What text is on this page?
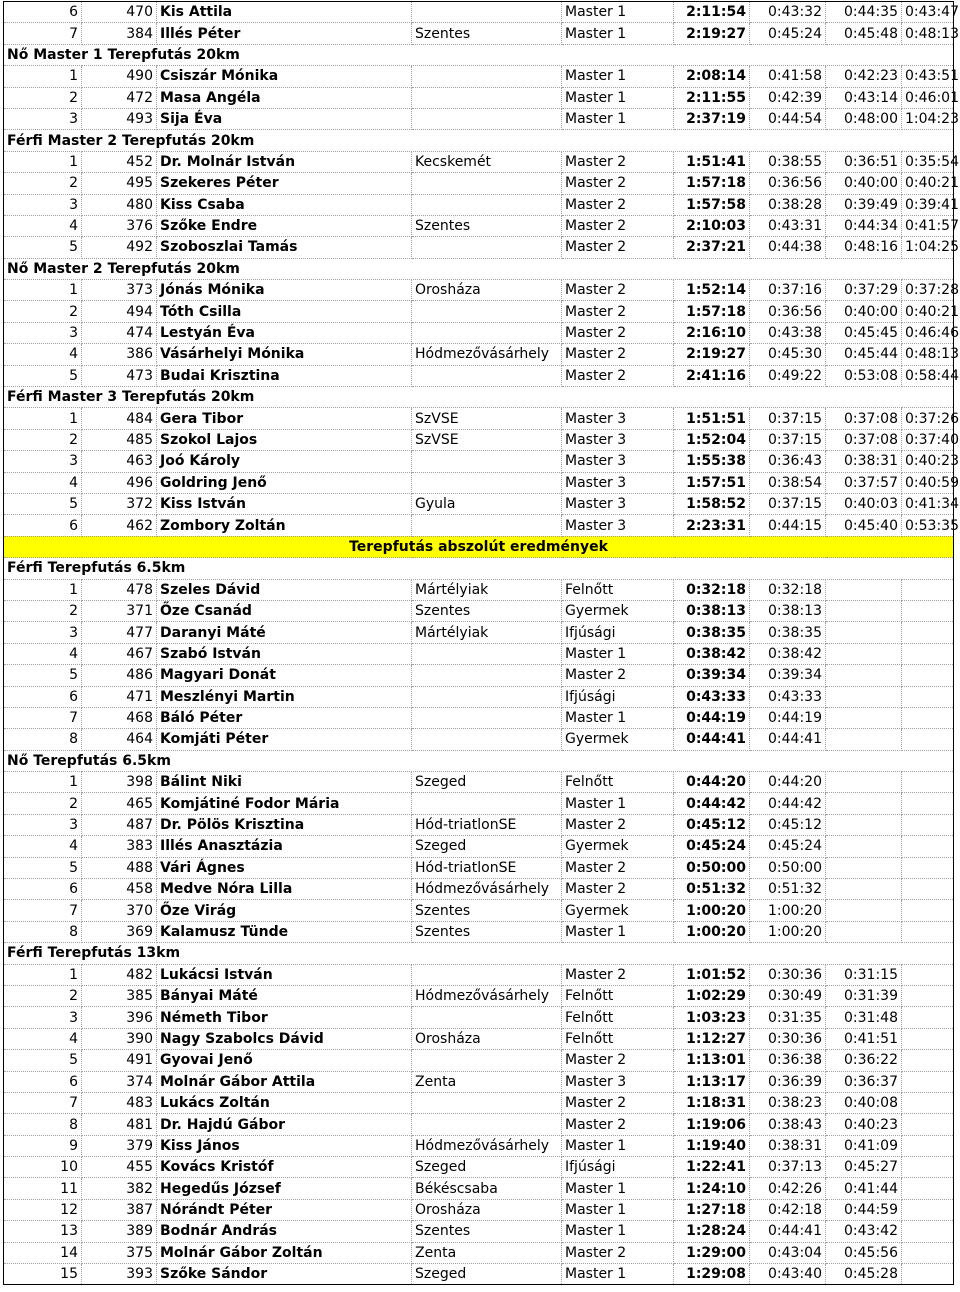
6	470	Kis Attila		Master 1	2:11:54	0:43:32	0:44:35	0:43:47
7	384	Illés Péter	Szentes	Master 1	2:19:27	0:45:24	0:45:48	0:48:13
Nő Master 1 Terepfutás 20km								
1	490	Csiszár Mónika		Master 1	2:08:14	0:41:58	0:42:23	0:43:51
2	472	Masa Angéla		Master 1	2:11:55	0:42:39	0:43:14	0:46:01
3	493	Sija Éva		Master 1	2:37:19	0:44:54	0:48:00	1:04:23
Férfi Master 2 Terepfutás 20km								
1	452	Dr. Molnár István	Kecskemét	Master 2	1:51:41	0:38:55	0:36:51	0:35:54
2	495	Szekeres Péter		Master 2	1:57:18	0:36:56	0:40:00	0:40:21
3	480	Kiss Csaba		Master 2	1:57:58	0:38:28	0:39:49	0:39:41
4	376	Szőke Endre	Szentes	Master 2	2:10:03	0:43:31	0:44:34	0:41:57
5	492	Szoboszlai Tamás		Master 2	2:37:21	0:44:38	0:48:16	1:04:25
Nő Master 2 Terepfutás 20km								
1	373	Jónás Mónika	Orosháza	Master 2	1:52:14	0:37:16	0:37:29	0:37:28
2	494	Tóth Csilla		Master 2	1:57:18	0:36:56	0:40:00	0:40:21
3	474	Lestyán Éva		Master 2	2:16:10	0:43:38	0:45:45	0:46:46
4	386	Vásárhelyi Mónika	Hódmezővásárhely	Master 2	2:19:27	0:45:30	0:45:44	0:48:13
5	473	Budai Krisztina		Master 2	2:41:16	0:49:22	0:53:08	0:58:44
Férfi Master 3 Terepfutás 20km								
1	484	Gera Tibor	SzVSE	Master 3	1:51:51	0:37:15	0:37:08	0:37:26
2	485	Szokol Lajos	SzVSE	Master 3	1:52:04	0:37:15	0:37:08	0:37:40
3	463	Joó Károly		Master 3	1:55:38	0:36:43	0:38:31	0:40:23
4	496	Goldring Jenő		Master 3	1:57:51	0:38:54	0:37:57	0:40:59
5	372	Kiss István	Gyula	Master 3	1:58:52	0:37:15	0:40:03	0:41:34
6	462	Zombory Zoltán		Master 3	2:23:31	0:44:15	0:45:40	0:53:35
Terepfutás abszolút eredmények								
Férfi Terepfutás 6.5km								
1	478	Szeles Dávid	Mártélyiak	Felnőtt	0:32:18	0:32:18		
2	371	Őze Csanád	Szentes	Gyermek	0:38:13	0:38:13		
3	477	Daranyi Máté	Mártélyiak	Ifjúsági	0:38:35	0:38:35		
4	467	Szabó István		Master 1	0:38:42	0:38:42		
5	486	Magyari Donát		Master 2	0:39:34	0:39:34		
6	471	Meszlényi Martin		Ifjúsági	0:43:33	0:43:33		
7	468	Báló Péter		Master 1	0:44:19	0:44:19		
8	464	Komjáti Péter		Gyermek	0:44:41	0:44:41		
Nő Terepfutás 6.5km								
1	398	Bálint Niki	Szeged	Felnőtt	0:44:20	0:44:20		
2	465	Komjátiné Fodor Mária		Master 1	0:44:42	0:44:42		
3	487	Dr. Pölös Krisztina	Hód-triatlonSE	Master 2	0:45:12	0:45:12		
4	383	Illés Anasztázia	Szeged	Gyermek	0:45:24	0:45:24		
5	488	Vári Ágnes	Hód-triatlonSE	Master 2	0:50:00	0:50:00		
6	458	Medve Nóra Lilla	Hódmezővásárhely	Master 2	0:51:32	0:51:32		
7	370	Őze Virág	Szentes	Gyermek	1:00:20	1:00:20		
8	369	Kalamusz Tünde	Szentes	Master 1	1:00:20	1:00:20		
Férfi Terepfutás 13km								
1	482	Lukácsi István		Master 2	1:01:52	0:30:36	0:31:15	
2	385	Bányai Máté	Hódmezővásárhely	Felnőtt	1:02:29	0:30:49	0:31:39	
3	396	Németh Tibor		Felnőtt	1:03:23	0:31:35	0:31:48	
4	390	Nagy Szabolcs Dávid	Orosháza	Felnőtt	1:12:27	0:30:36	0:41:51	
5	491	Gyovai Jenő		Master 2	1:13:01	0:36:38	0:36:22	
6	374	Molnár Gábor Attila	Zenta	Master 3	1:13:17	0:36:39	0:36:37	
7	483	Lukács Zoltán		Master 2	1:18:31	0:38:23	0:40:08	
8	481	Dr. Hajdú Gábor		Master 2	1:19:06	0:38:43	0:40:23	
9	379	Kiss János	Hódmezővásárhely	Master 1	1:19:40	0:38:31	0:41:09	
10	455	Kovács Kristóf	Szeged	Ifjúsági	1:22:41	0:37:13	0:45:27	
11	382	Hegedűs József	Békéscsaba	Master 1	1:24:10	0:42:26	0:41:44	
12	387	Nórándt Péter	Orosháza	Master 1	1:27:18	0:42:18	0:44:59	
13	389	Bodnár András	Szentes	Master 1	1:28:24	0:44:41	0:43:42	
14	375	Molnár Gábor Zoltán	Zenta	Master 2	1:29:00	0:43:04	0:45:56	
15	393	Szőke Sándor	Szeged	Master 1	1:29:08	0:43:40	0:45:28	
